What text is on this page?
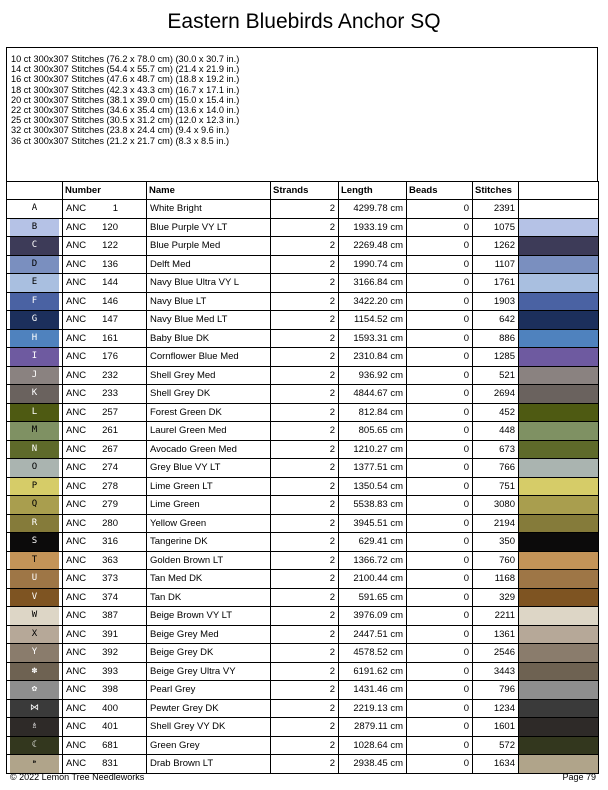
Eastern Bluebirds Anchor SQ
10 ct 300x307 Stitches (76.2 x 78.0 cm) (30.0 x 30.7 in.)
14 ct 300x307 Stitches (54.4 x 55.7 cm) (21.4 x 21.9 in.)
16 ct 300x307 Stitches (47.6 x 48.7 cm) (18.8 x 19.2 in.)
18 ct 300x307 Stitches (42.3 x 43.3 cm) (16.7 x 17.1 in.)
20 ct 300x307 Stitches (38.1 x 39.0 cm) (15.0 x 15.4 in.)
22 ct 300x307 Stitches (34.6 x 35.4 cm) (13.6 x 14.0 in.)
25 ct 300x307 Stitches (30.5 x 31.2 cm) (12.0 x 12.3 in.)
32 ct 300x307 Stitches (23.8 x 24.4 cm) (9.4 x 9.6 in.)
36 ct 300x307 Stitches (21.2 x 21.7 cm) (8.3 x 8.5 in.)
	Number	Name	Strands	Length	Beads	Stitches	

A	ANC 1	White Bright	2	4299.78 cm	0	2391	

B	ANC 120	Blue Purple VY LT	2	1933.19 cm	0	1075	

C	ANC 122	Blue Purple Med	2	2269.48 cm	0	1262	

D	ANC 136	Delft Med	2	1990.74 cm	0	1107	

E	ANC 144	Navy Blue Ultra VY L	2	3166.84 cm	0	1761	

F	ANC 146	Navy Blue LT	2	3422.20 cm	0	1903	

G	ANC 147	Navy Blue Med LT	2	1154.52 cm	0	642	

H	ANC 161	Baby Blue DK	2	1593.31 cm	0	886	

I	ANC 176	Cornflower Blue Med	2	2310.84 cm	0	1285	

J	ANC 232	Shell Grey Med	2	936.92 cm	0	521	

K	ANC 233	Shell Grey DK	2	4844.67 cm	0	2694	

L	ANC 257	Forest Green DK	2	812.84 cm	0	452	

M	ANC 261	Laurel Green Med	2	805.65 cm	0	448	

N	ANC 267	Avocado Green Med	2	1210.27 cm	0	673	

O	ANC 274	Grey Blue VY LT	2	1377.51 cm	0	766	

P	ANC 278	Lime Green LT	2	1350.54 cm	0	751	

Q	ANC 279	Lime Green	2	5538.83 cm	0	3080	

R	ANC 280	Yellow Green	2	3945.51 cm	0	2194	

S	ANC 316	Tangerine DK	2	629.41 cm	0	350	

T	ANC 363	Golden Brown LT	2	1366.72 cm	0	760	

U	ANC 373	Tan Med DK	2	2100.44 cm	0	1168	

V	ANC 374	Tan DK	2	591.65 cm	0	329	

W	ANC 387	Beige Brown VY LT	2	3976.09 cm	0	2211	

X	ANC 391	Beige Grey Med	2	2447.51 cm	0	1361	

Y	ANC 392	Beige Grey DK	2	4578.52 cm	0	2546	

✽	ANC 393	Beige Grey Ultra VY	2	6191.62 cm	0	3443	

✿	ANC 398	Pearl Grey	2	1431.46 cm	0	796	

⋈	ANC 400	Pewter Grey DK	2	2219.13 cm	0	1234	

♗	ANC 401	Shell Grey VY DK	2	2879.11 cm	0	1601	

☾	ANC 681	Green Grey	2	1028.64 cm	0	572	

⁍	ANC 831	Drab Brown LT	2	2938.45 cm	0	1634	
© 2022 Lemon Tree Needleworks	Page 79
